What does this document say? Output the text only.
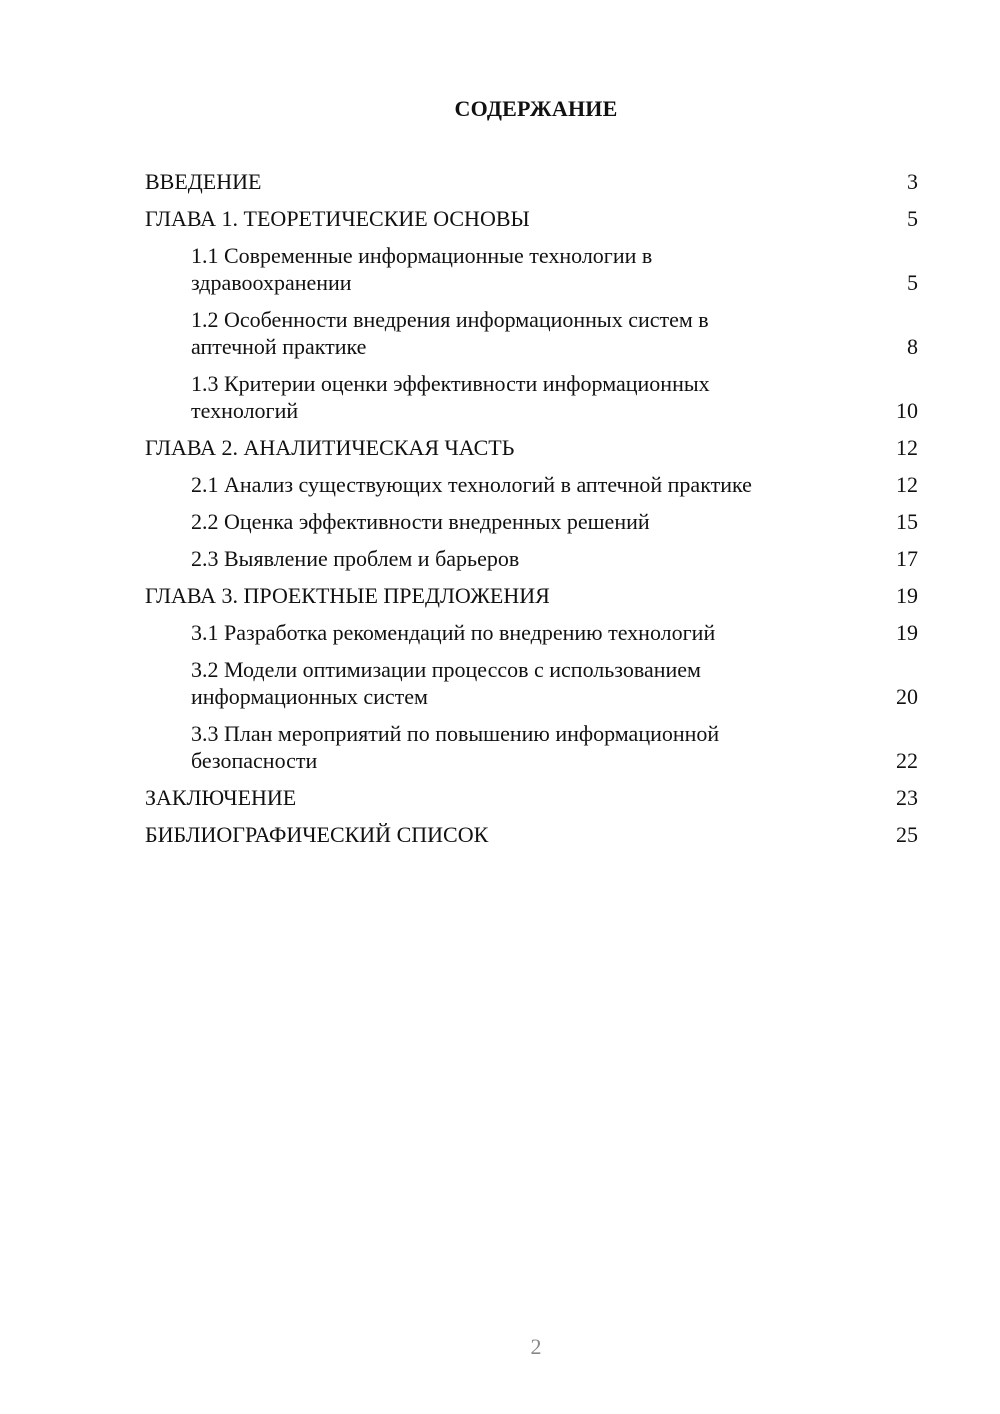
СОДЕРЖАНИЕ
ВВЕДЕНИЕ	3
ГЛАВА 1. ТЕОРЕТИЧЕСКИЕ ОСНОВЫ	5
1.1 Современные информационные технологии в здравоохранении	5
1.2 Особенности внедрения информационных систем в аптечной практике	8
1.3 Критерии оценки эффективности информационных технологий	10
ГЛАВА 2. АНАЛИТИЧЕСКАЯ ЧАСТЬ	12
2.1 Анализ существующих технологий в аптечной практике	12
2.2 Оценка эффективности внедренных решений	15
2.3 Выявление проблем и барьеров	17
ГЛАВА 3. ПРОЕКТНЫЕ ПРЕДЛОЖЕНИЯ	19
3.1 Разработка рекомендаций по внедрению технологий	19
3.2 Модели оптимизации процессов с использованием информационных систем	20
3.3 План мероприятий по повышению информационной безопасности	22
ЗАКЛЮЧЕНИЕ	23
БИБЛИОГРАФИЧЕСКИЙ СПИСОК	25
2
